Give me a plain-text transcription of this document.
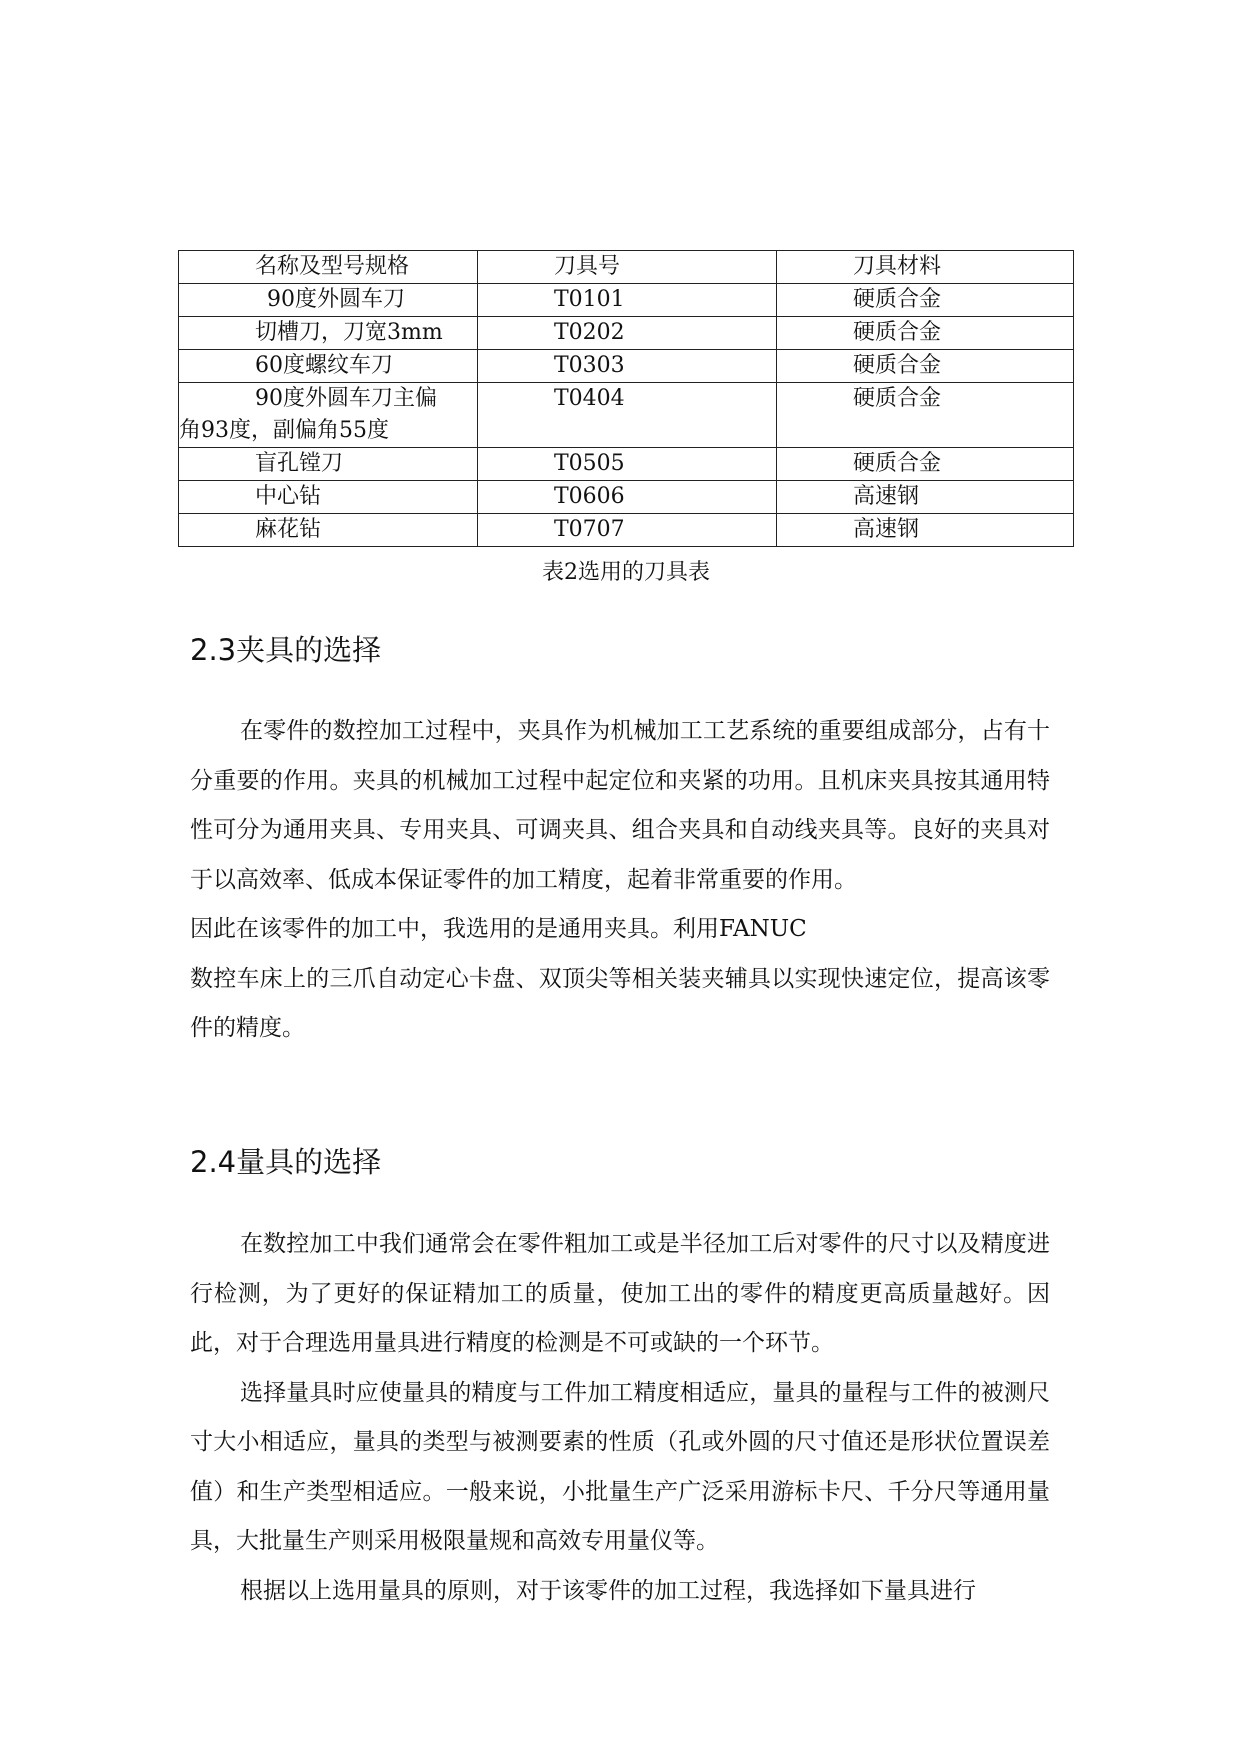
名称及型号规格	刀具号	刀具材料

90度外圆车刀	T0101	硬质合金

切槽刀，刀宽3mm	T0202	硬质合金

60度螺纹车刀	T0303	硬质合金

90度外圆车刀主偏
角93度，副偏角55度	T0404	硬质合金

盲孔镗刀	T0505	硬质合金

中心钻	T0606	高速钢

麻花钻	T0707	高速钢
表2选用的刀具表
2.3夹具的选择

在零件的数控加工过程中，夹具作为机械加工工艺系统的重要组成部分，占有十分重要的作用。夹具的机械加工过程中起定位和夹紧的功用。且机床夹具按其通用特性可分为通用夹具、专用夹具、可调夹具、组合夹具和自动线夹具等。良好的夹具对于以高效率、低成本保证零件的加工精度，起着非常重要的作用。

因此在该零件的加工中，我选用的是通用夹具。利用FANUC

数控车床上的三爪自动定心卡盘、双顶尖等相关装夹辅具以实现快速定位，提高该零件的精度。

2.4量具的选择

在数控加工中我们通常会在零件粗加工或是半径加工后对零件的尺寸以及精度进行检测，为了更好的保证精加工的质量，使加工出的零件的精度更高质量越好。因此，对于合理选用量具进行精度的检测是不可或缺的一个环节。

选择量具时应使量具的精度与工件加工精度相适应，量具的量程与工件的被测尺寸大小相适应，量具的类型与被测要素的性质（孔或外圆的尺寸值还是形状位置误差值）和生产类型相适应。一般来说，小批量生产广泛采用游标卡尺、千分尺等通用量具，大批量生产则采用极限量规和高效专用量仪等。

根据以上选用量具的原则，对于该零件的加工过程，我选择如下量具进行
